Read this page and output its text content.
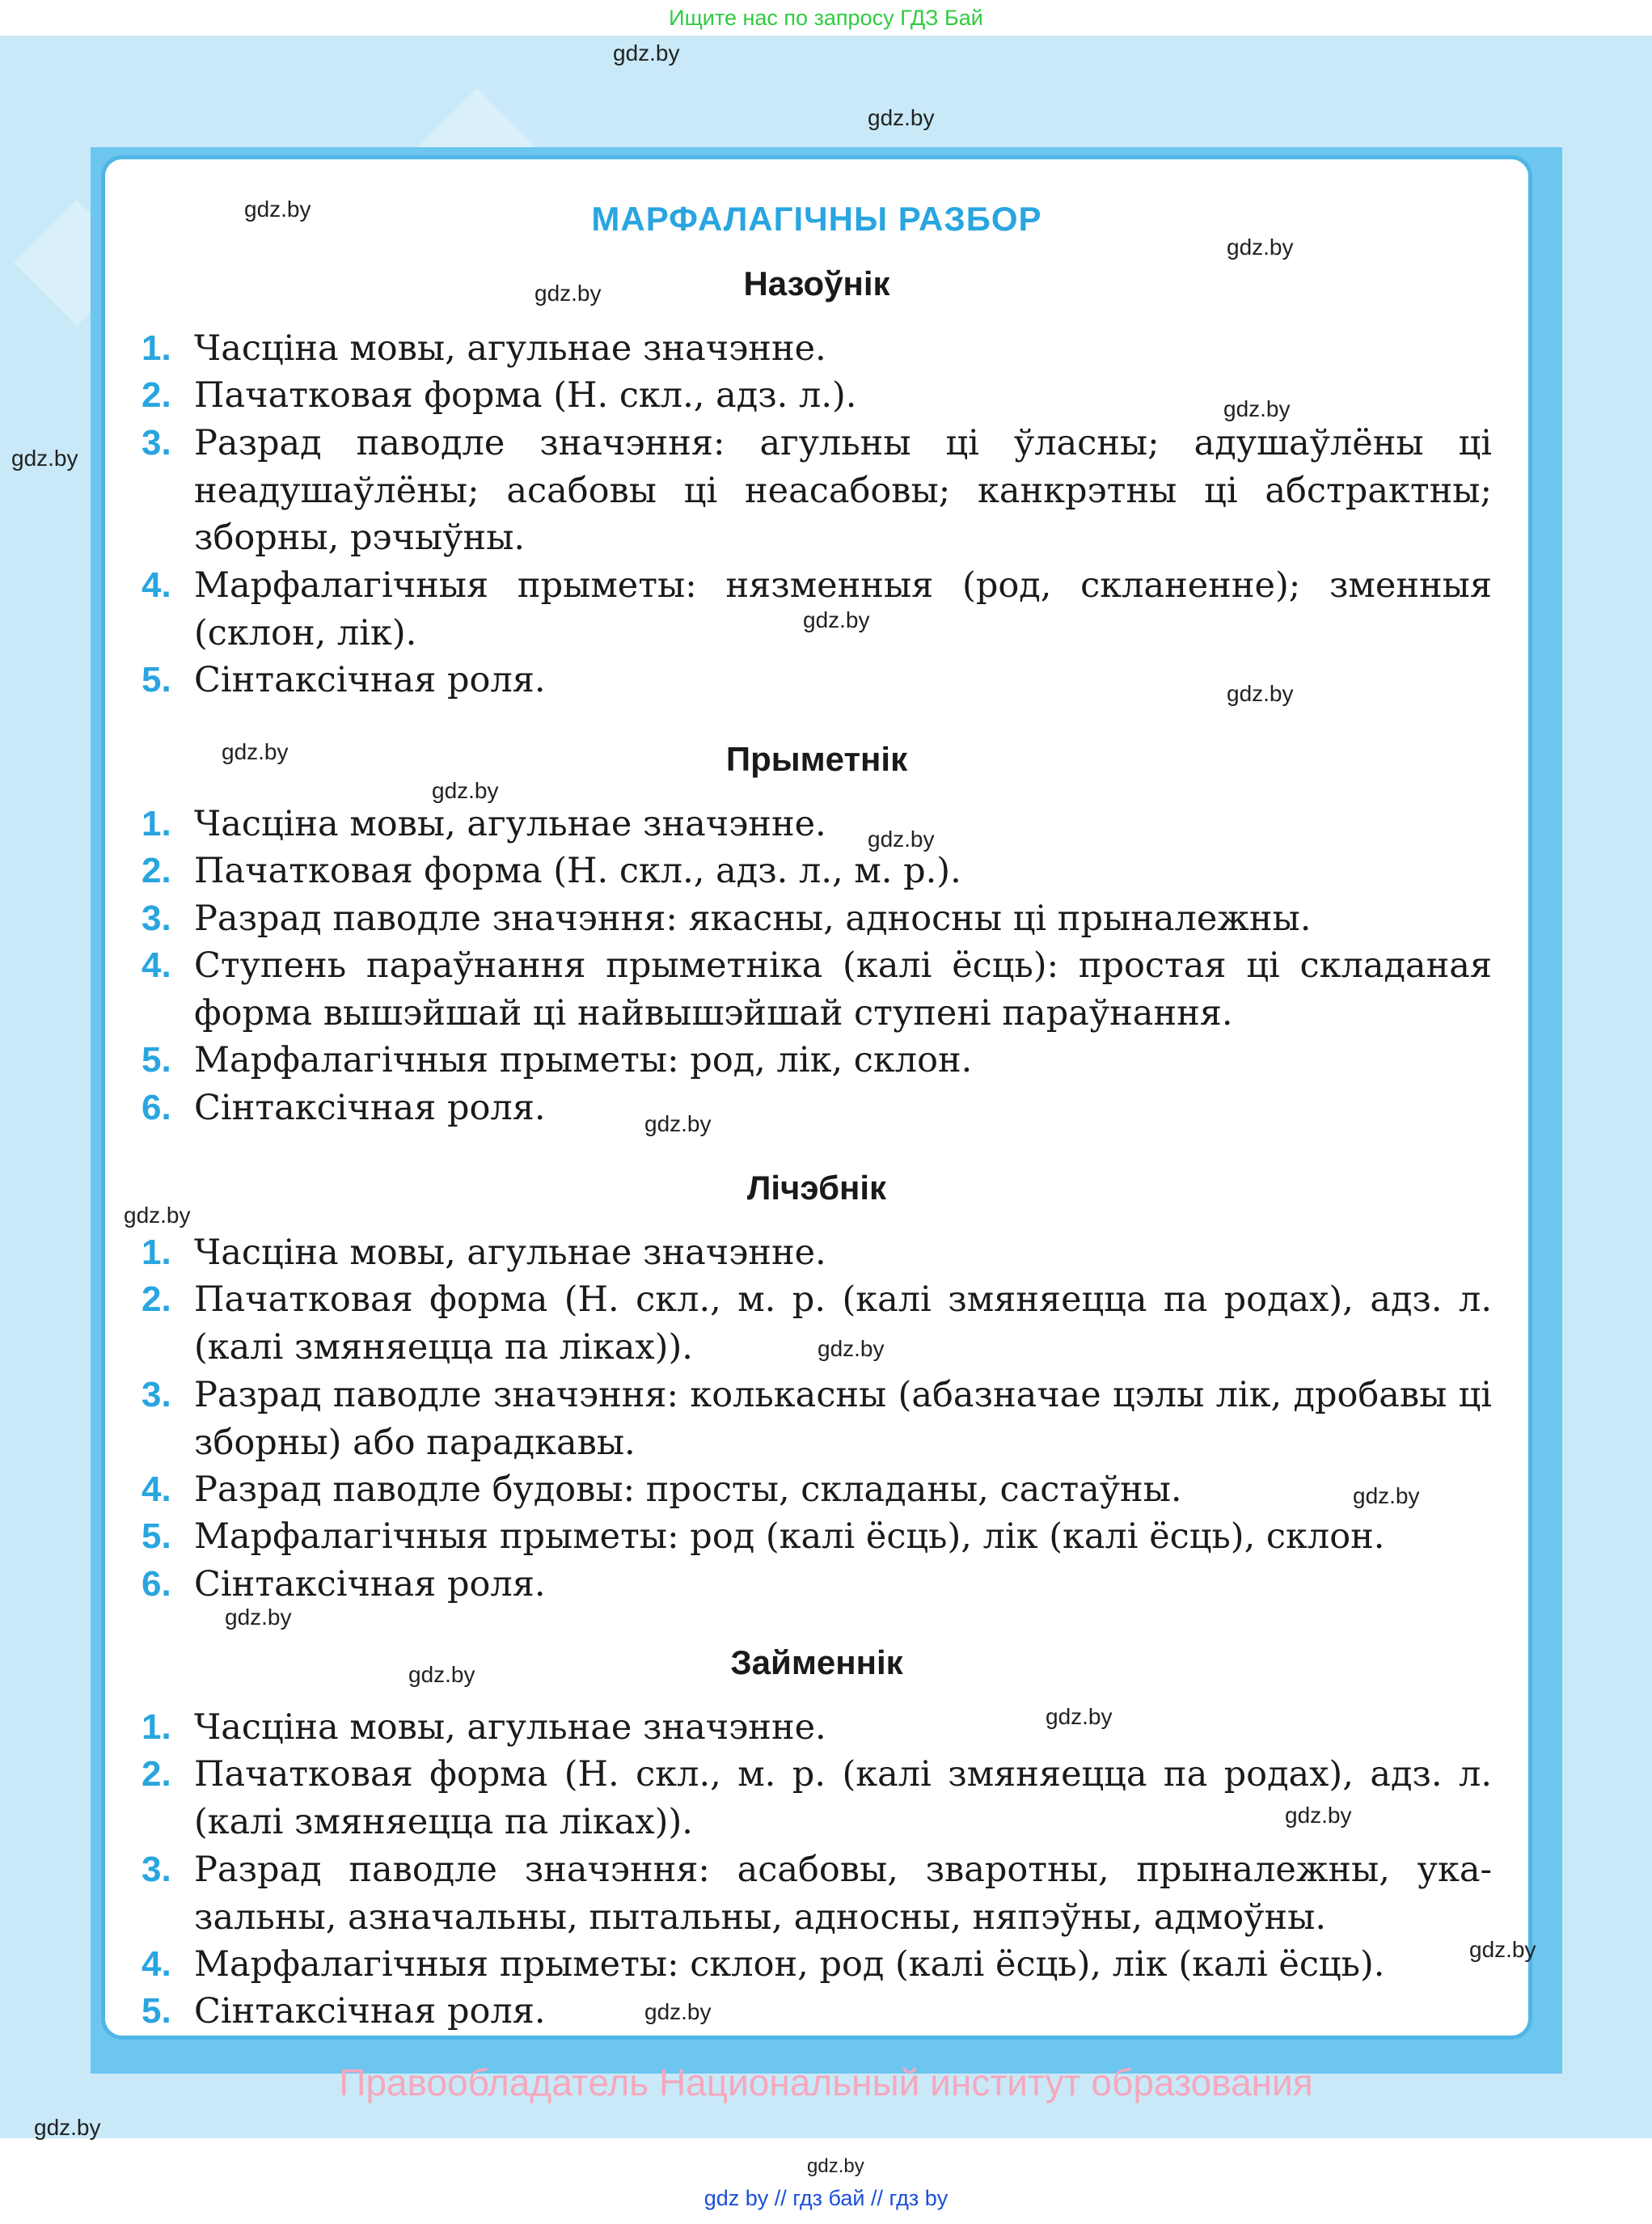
Ищите нас по запросу ГДЗ Бай
МАРФАЛАГІЧНЫ РАЗБОР
Назоўнік
1. Часціна мовы, агульнае значэнне.
2. Пачатковая форма (Н. скл., адз. л.).
3. Разрад паводле значэння: агульны ці ўласны; адушаўлёны ці неадушаўлёны; асабовы ці неасабовы; канкрэтны ці абстрактны; зборны, рэчыўны.
4. Марфалагічныя прыметы: нязменныя (род, скланенне); зменныя (склон, лік).
5. Сінтаксічная роля.
Прыметнік
1. Часціна мовы, агульнае значэнне.
2. Пачатковая форма (Н. скл., адз. л., м. р.).
3. Разрад паводле значэння: якасны, адносны ці прыналежны.
4. Ступень параўнання прыметніка (калі ёсць): простая ці складаная форма вышэйшай ці найвышэйшай ступені параўнання.
5. Марфалагічныя прыметы: род, лік, склон.
6. Сінтаксічная роля.
Лічэбнік
1. Часціна мовы, агульнае значэнне.
2. Пачатковая форма (Н. скл., м. р. (калі змяняецца па родах), адз. л. (калі змяняецца па ліках)).
3. Разрад паводле значэння: колькасны (абазначае цэлы лік, дробавы ці зборны) або парадкавы.
4. Разрад паводле будовы: просты, складаны, састаўны.
5. Марфалагічныя прыметы: род (калі ёсць), лік (калі ёсць), склон.
6. Сінтаксічная роля.
Займеннік
1. Часціна мовы, агульнае значэнне.
2. Пачатковая форма (Н. скл., м. р. (калі змяняецца па родах), адз. л. (калі змяняецца па ліках)).
3. Разрад паводле значэння: асабовы, зваротны, прыналежны, указальны, азначальны, пытальны, адносны, няпэўны, адмоўны.
4. Марфалагічныя прыметы: склон, род (калі ёсць), лік (калі ёсць).
5. Сінтаксічная роля.
gdz.by
gdz.by
gdz.by
gdz.by
gdz.by
gdz.by
gdz.by
gdz.by
gdz.by
gdz.by
gdz.by
gdz.by
gdz.by
gdz.by
gdz.by
gdz.by
gdz.by
gdz.by
gdz.by
gdz.by
gdz.by
gdz.by
gdz.by
gdz.by
Правообладатель Национальный институт образования
gdz by // гдз бай // гдз by
